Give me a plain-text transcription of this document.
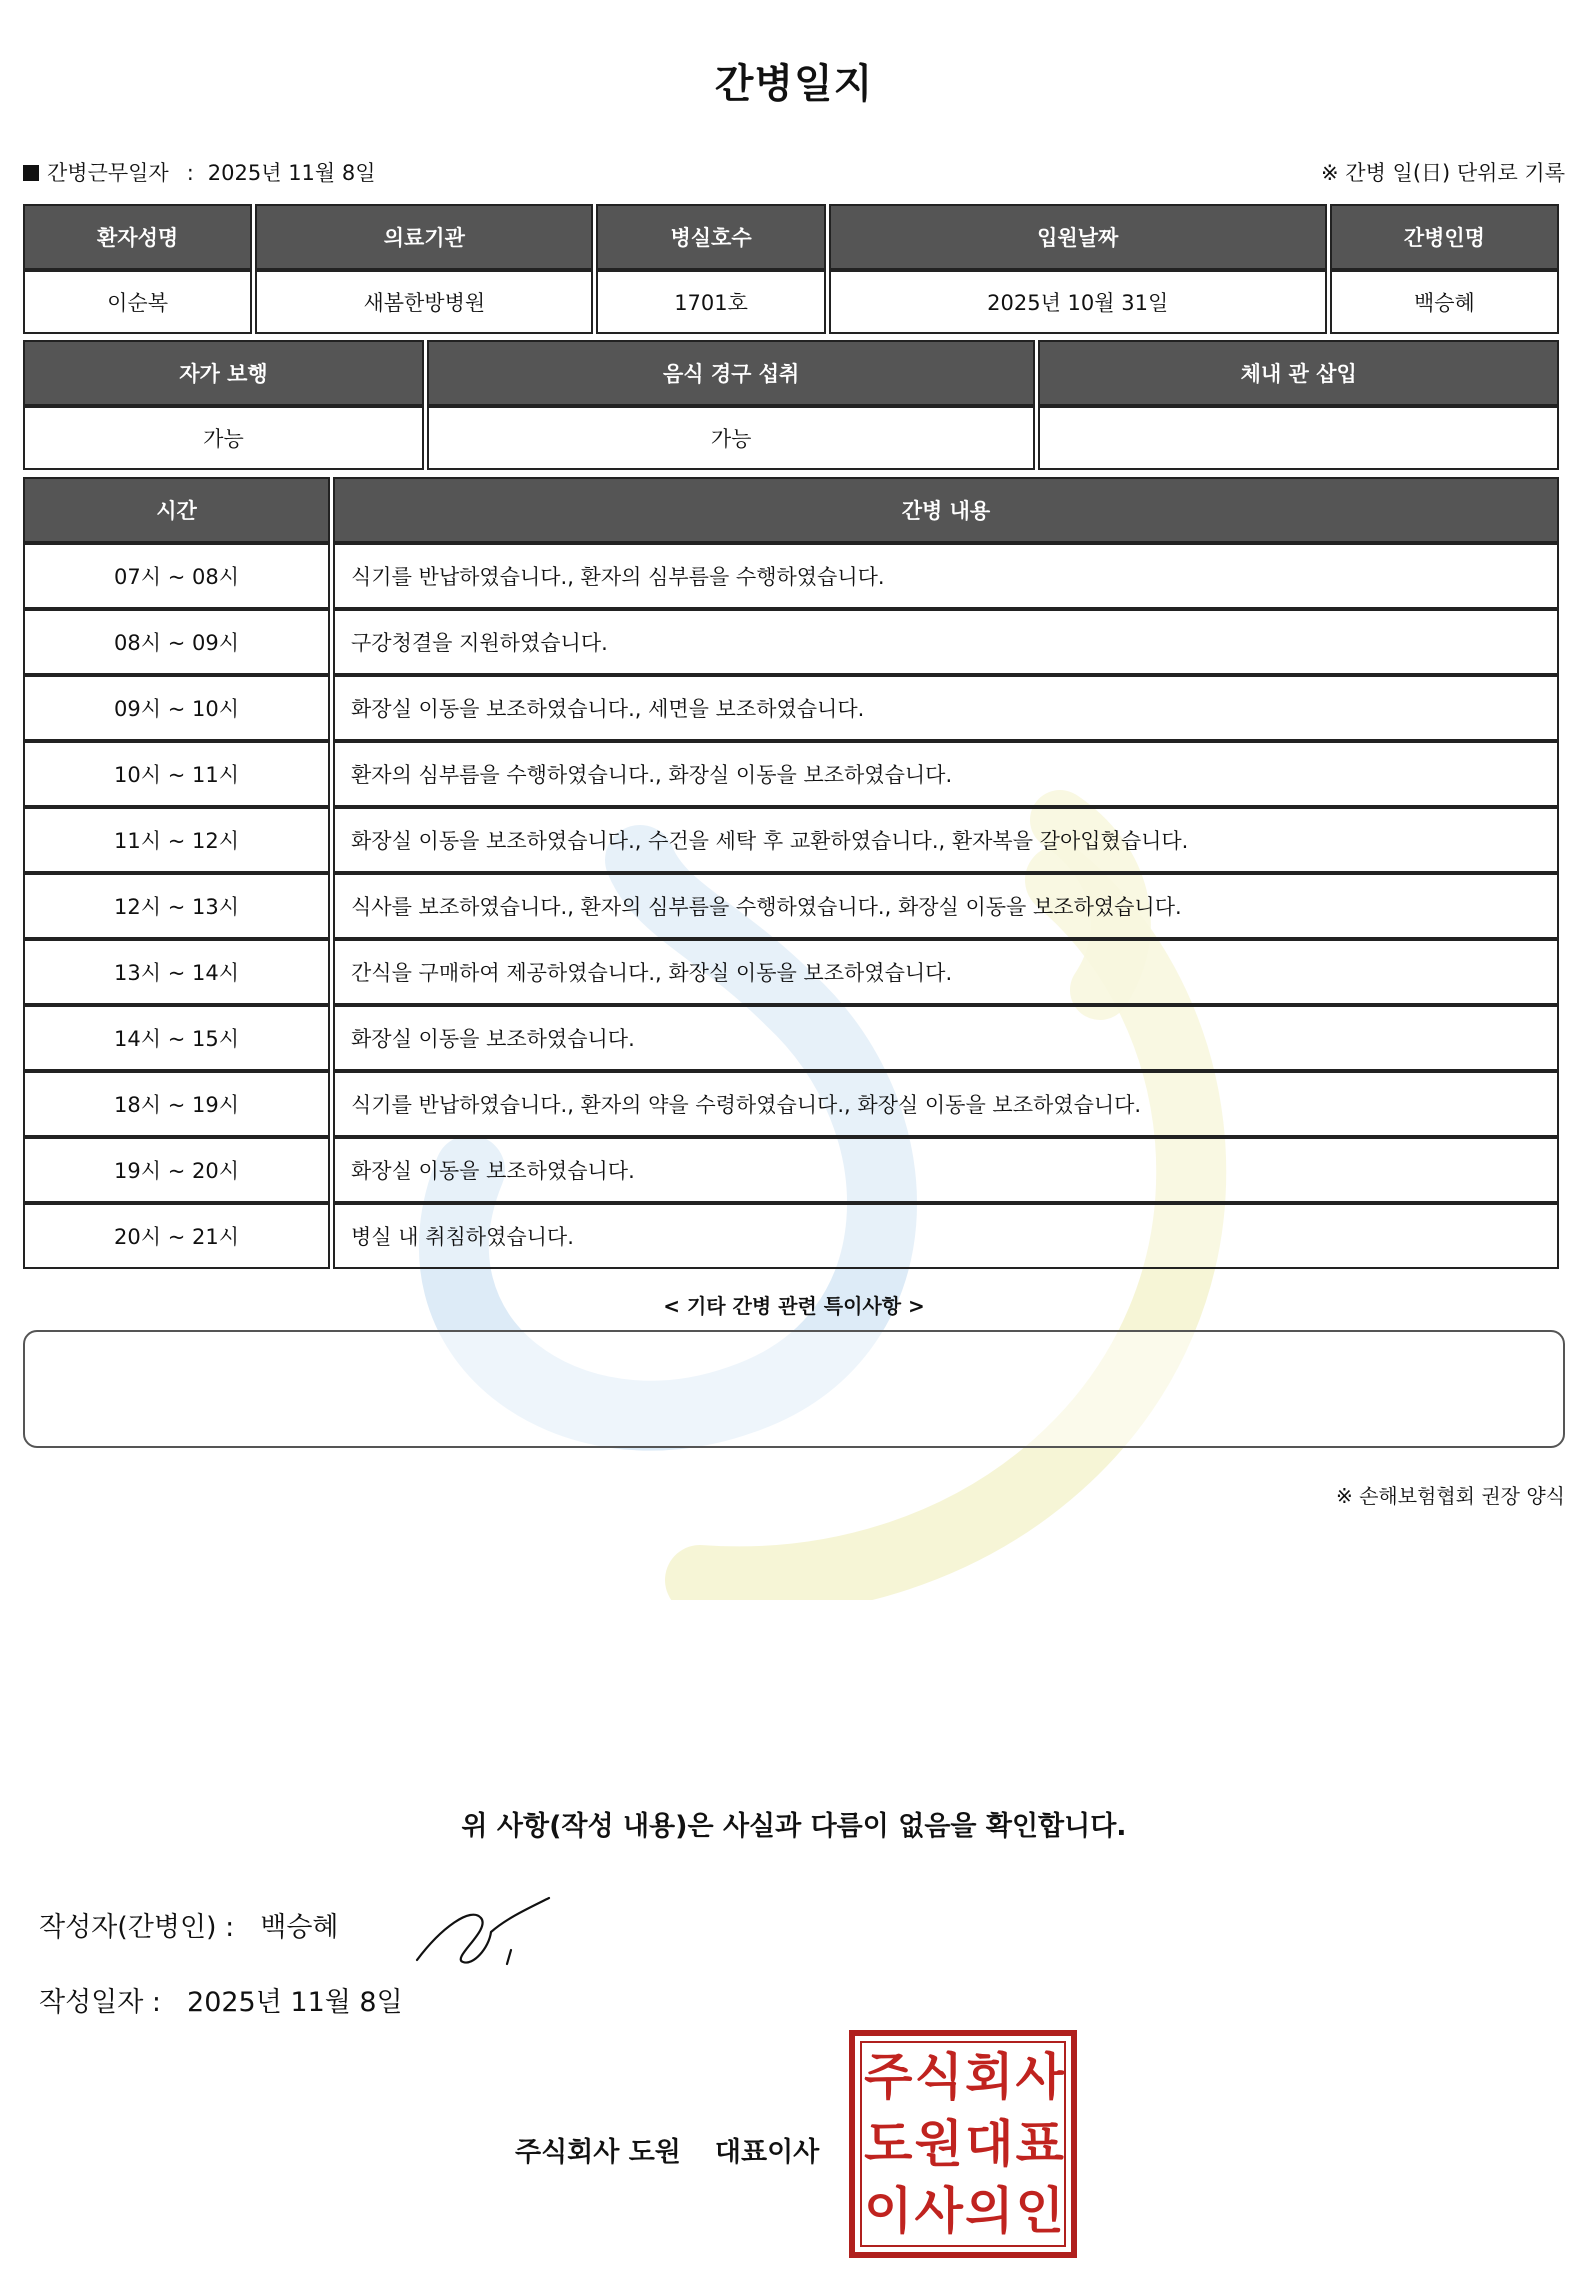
간병일지
간병근무일자 : 2025년 11월 8일	※ 간병 일(日) 단위로 기록
환자성명	의료기관	병실호수	입원날짜	간병인명
이순복	새봄한방병원	1701호	2025년 10월 31일	백승혜
자가 보행	음식 경구 섭취	체내 관 삽입
가능	가능	
시간	간병 내용
07시 ~ 08시	식기를 반납하였습니다., 환자의 심부름을 수행하였습니다.
08시 ~ 09시	구강청결을 지원하였습니다.
09시 ~ 10시	화장실 이동을 보조하였습니다., 세면을 보조하였습니다.
10시 ~ 11시	환자의 심부름을 수행하였습니다., 화장실 이동을 보조하였습니다.
11시 ~ 12시	화장실 이동을 보조하였습니다., 수건을 세탁 후 교환하였습니다., 환자복을 갈아입혔습니다.
12시 ~ 13시	식사를 보조하였습니다., 환자의 심부름을 수행하였습니다., 화장실 이동을 보조하였습니다.
13시 ~ 14시	간식을 구매하여 제공하였습니다., 화장실 이동을 보조하였습니다.
14시 ~ 15시	화장실 이동을 보조하였습니다.
18시 ~ 19시	식기를 반납하였습니다., 환자의 약을 수령하였습니다., 화장실 이동을 보조하였습니다.
19시 ~ 20시	화장실 이동을 보조하였습니다.
20시 ~ 21시	병실 내 취침하였습니다.
< 기타 간병 관련 특이사항 >
※ 손해보험협회 권장 양식
위 사항(작성 내용)은 사실과 다름이 없음을 확인합니다.
작성자(간병인) : 백승혜
작성일자 : 2025년 11월 8일
주식회사 도원 대표이사
주 식 회 사
도 원 대 표
이 사 의 인
